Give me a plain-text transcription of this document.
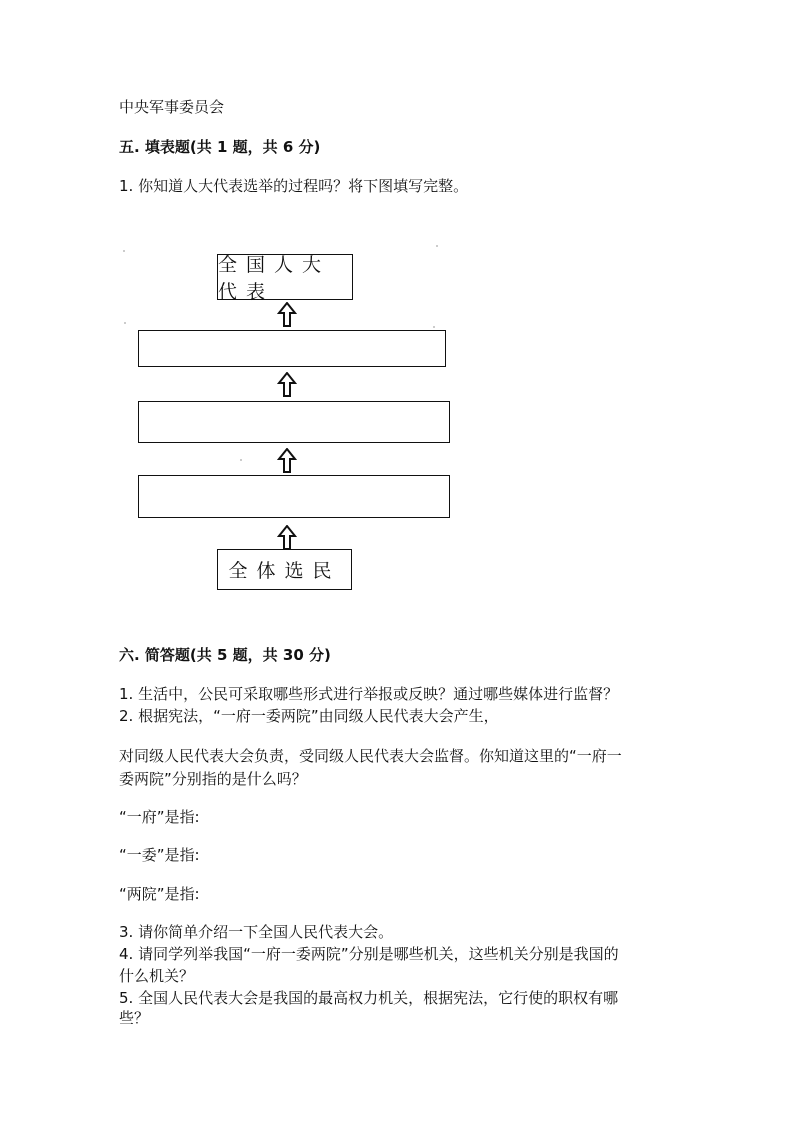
中央军事委员会
五. 填表题(共 1 题，共 6 分)
1. 你知道人大代表选举的过程吗？将下图填写完整。
全国人大代表
全体选民
六. 简答题(共 5 题，共 30 分)
1. 生活中，公民可采取哪些形式进行举报或反映？通过哪些媒体进行监督？
2. 根据宪法，“一府一委两院”由同级人民代表大会产生，
对同级人民代表大会负责，受同级人民代表大会监督。你知道这里的“一府一
委两院”分别指的是什么吗？
“一府”是指:
“一委”是指:
“两院”是指:
3. 请你简单介绍一下全国人民代表大会。
4. 请同学列举我国“一府一委两院”分别是哪些机关，这些机关分别是我国的
什么机关？
5. 全国人民代表大会是我国的最高权力机关，根据宪法，它行使的职权有哪
些？
